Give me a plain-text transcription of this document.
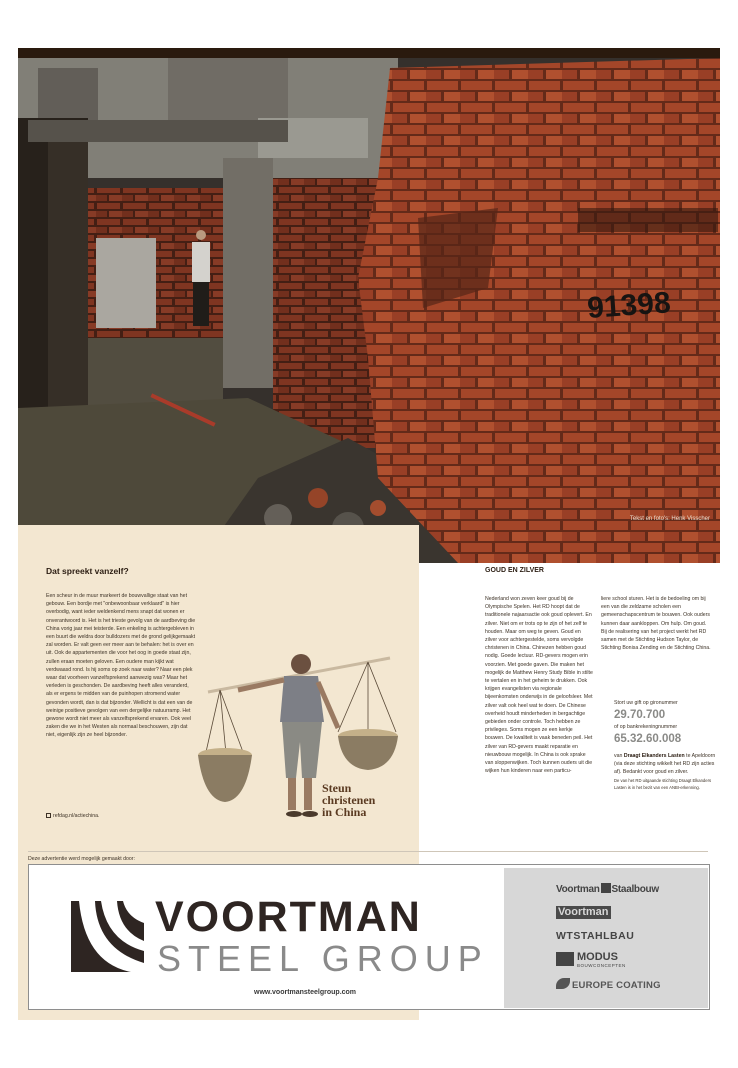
91398
Tekst en foto's: Henk Visscher
Dat spreekt vanzelf?
Een scheur in de muur markeert de bouwvallige staat van het gebouw. Een bordje met "onbewoonbaar verklaard" is hier overbodig, want ieder weldenkend mens snapt dat wonen er onverantwoord is. Het is het trieste gevolg van de aardbeving die China vorig jaar mei teisterde. Een enkeling is achtergebleven in een buurt die weldra door bulldozers met de grond gelijkgemaakt zal worden. Er valt geen eer meer aan te behalen: het is over en uit. Ook de appartementen die voor het oog in goede staat zijn, zullen eraan moeten geloven. Een oudere man kijkt wat verdwaasd rond. Is hij soms op zoek naar water? Naar een plek waar dat voorheen vanzelfsprekend aanwezig was? Maar het verleden is geschonden. De aardbeving heeft alles veranderd, als er ergens te midden van de puinhopen stromend water gevonden wordt, dan is dat bijzonder. Wellicht is dat een van de weinige positieve gevolgen van een dergelijke natuurramp. Het gewone wordt niet meer als vanzelfsprekend ervaren. Ook veel zaken die we in het Westen als normaal beschouwen, zijn dat niet, eigenlijk zijn ze heel bijzonder.
refdag.nl/actiechina.
Steun
christenen
in China
GOUD EN ZILVER
Nederland won zeven keer goud bij de Olympische Spelen. Het RD hoopt dat de traditionele najaarsactie ook goud oplevert. En zilver. Niet om er trots op te zijn of het zelf te houden. Maar om weg te geven. Goud en zilver voor achtergestelde, soms vervolgde christenen in China. Chinezen hebben goud nodig. Goede lectuur. RD-gevers mogen erin voorzien. Met goede gaven. Die maken het mogelijk de Matthew Henry Study Bible in stilte te vertalen en in het geheim te drukken. Ook krijgen evangelisten via regionale bijeenkomsten onderwijs in de geloofsleer. Met zilver valt ook heel wat te doen. De Chinese overheid houdt minderheden in bergachtige gebieden onder controle. Toch hebben ze privileges. Soms mogen ze een kerkje bouwen. De kwaliteit is vaak beneden peil. Het zilver van RD-gevers maakt reparatie en nieuwbouw mogelijk. In China is ook sprake van sloppenwijken. Toch kunnen ouders uit die wijken hun kinderen naar een particu-
liere school sturen. Het is de bedoeling om bij een van die zeldzame scholen een gemeenschapscentrum te bouwen. Ook ouders kunnen daar aankloppen. Om hulp. Om goud. Bij de realisering van het project werkt het RD samen met de Stichting Hudson Taylor, de Stichting Bonisa Zending en de Stichting China.
Stort uw gift op gironummer
29.70.700
of op bankrekeningnummer
65.32.60.008
van Draagt Elkanders Lasten te Apeldoorn (via deze stichting wikkelt het RD zijn acties af). Bedankt voor goud en zilver.
De van het RD uitgaande stichting Draagt Elkanders Lasten is in het bezit van een ANBI-erkenning.
Deze advertentie werd mogelijk gemaakt door:
VOORTMAN
STEEL GROUP
www.voortmansteelgroup.com
Voortman Staalbouw
Voortman
WTSTAHLBAU
MODUS
BOUWCONCEPTEN
EUROPE COATING
